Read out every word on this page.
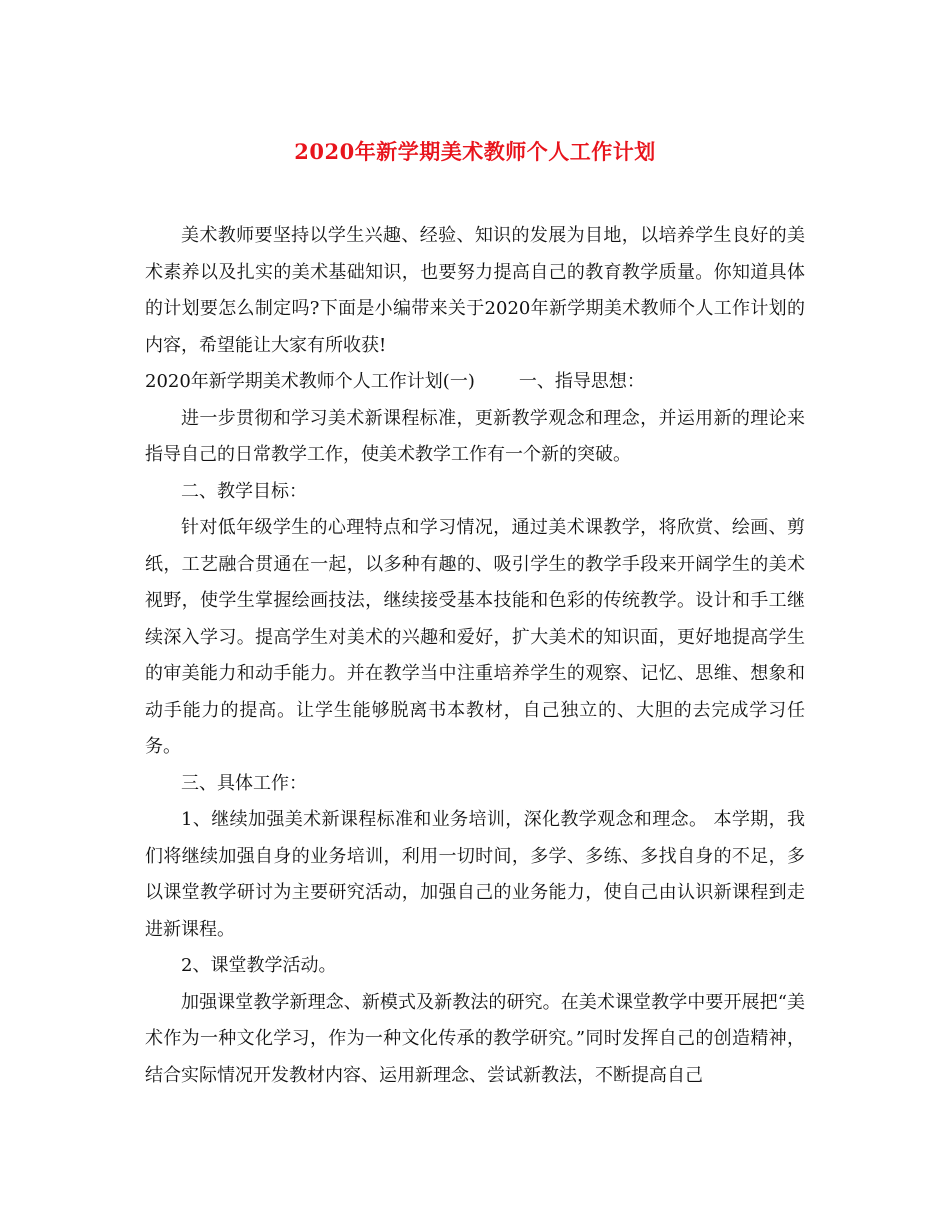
2020年新学期美术教师个人工作计划

美术教师要坚持以学生兴趣、经验、知识的发展为目地，以培养学生良好的美术素养以及扎实的美术基础知识，也要努力提高自己的教育教学质量。你知道具体的计划要怎么制定吗?下面是小编带来关于2020年新学期美术教师个人工作计划的内容，希望能让大家有所收获!

2020年新学期美术教师个人工作计划(一) 一、指导思想：

进一步贯彻和学习美术新课程标准，更新教学观念和理念，并运用新的理论来指导自己的日常教学工作，使美术教学工作有一个新的突破。

二、教学目标：

针对低年级学生的心理特点和学习情况，通过美术课教学，将欣赏、绘画、剪纸，工艺融合贯通在一起，以多种有趣的、吸引学生的教学手段来开阔学生的美术视野，使学生掌握绘画技法，继续接受基本技能和色彩的传统教学。设计和手工继续深入学习。提高学生对美术的兴趣和爱好，扩大美术的知识面，更好地提高学生的审美能力和动手能力。并在教学当中注重培养学生的观察、记忆、思维、想象和动手能力的提高。让学生能够脱离书本教材，自己独立的、大胆的去完成学习任务。

三、具体工作：

1、继续加强美术新课程标准和业务培训，深化教学观念和理念。 本学期，我们将继续加强自身的业务培训，利用一切时间，多学、多练、多找自身的不足，多以课堂教学研讨为主要研究活动，加强自己的业务能力，使自己由认识新课程到走进新课程。

2、课堂教学活动。

加强课堂教学新理念、新模式及新教法的研究。在美术课堂教学中要开展把“美术作为一种文化学习，作为一种文化传承的教学研究。”同时发挥自己的创造精神，结合实际情况开发教材内容、运用新理念、尝试新教法，不断提高自己
